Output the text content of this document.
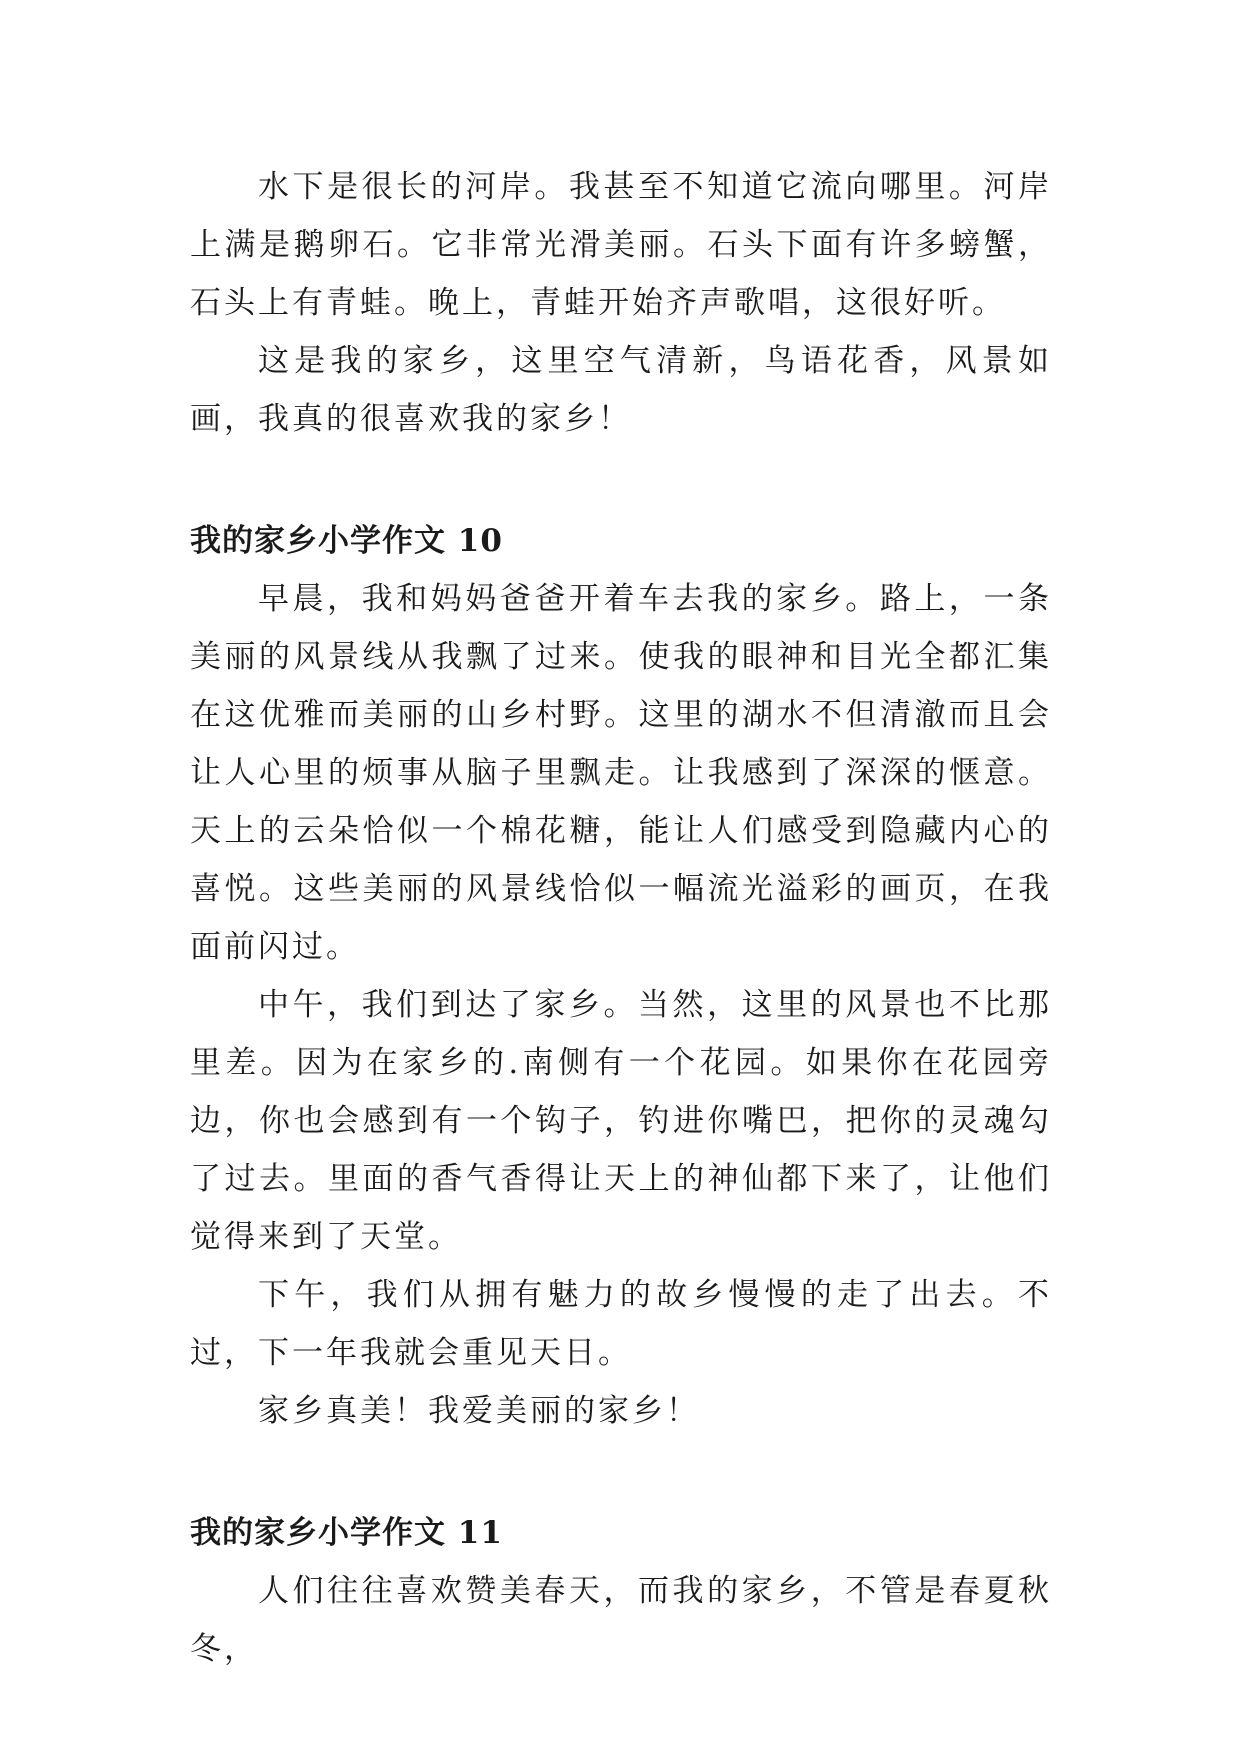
水下是很长的河岸。我甚至不知道它流向哪里。河岸上满是鹅卵石。它非常光滑美丽。石头下面有许多螃蟹，石头上有青蛙。晚上，青蛙开始齐声歌唱，这很好听。

这是我的家乡，这里空气清新，鸟语花香，风景如画，我真的很喜欢我的家乡！

我的家乡小学作文 10

早晨，我和妈妈爸爸开着车去我的家乡。路上，一条美丽的风景线从我飘了过来。使我的眼神和目光全都汇集在这优雅而美丽的山乡村野。这里的湖水不但清澈而且会让人心里的烦事从脑子里飘走。让我感到了深深的惬意。天上的云朵恰似一个棉花糖，能让人们感受到隐藏内心的喜悦。这些美丽的风景线恰似一幅流光溢彩的画页，在我面前闪过。

中午，我们到达了家乡。当然，这里的风景也不比那里差。因为在家乡的.南侧有一个花园。如果你在花园旁边，你也会感到有一个钩子，钓进你嘴巴，把你的灵魂勾了过去。里面的香气香得让天上的神仙都下来了，让他们觉得来到了天堂。

下午，我们从拥有魅力的故乡慢慢的走了出去。不过，下一年我就会重见天日。

家乡真美！我爱美丽的家乡！

我的家乡小学作文 11

人们往往喜欢赞美春天，而我的家乡，不管是春夏秋冬，
